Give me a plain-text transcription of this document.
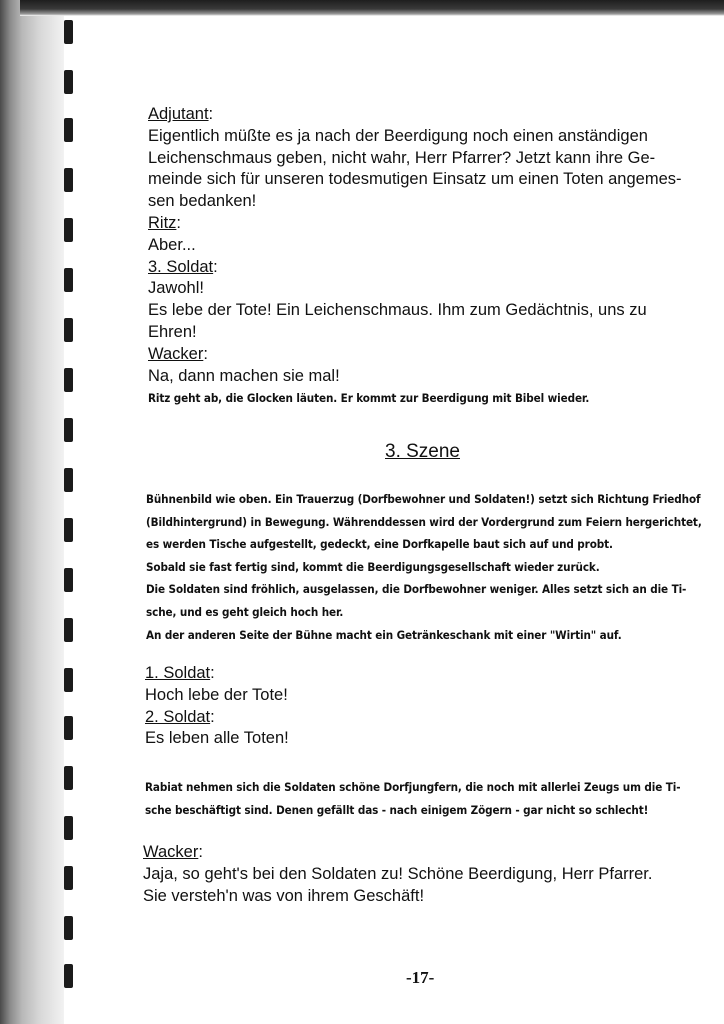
Adjutant:
Eigentlich müßte es ja nach der Beerdigung noch einen anständigen
Leichenschmaus geben, nicht wahr, Herr Pfarrer? Jetzt kann ihre Ge-
meinde sich für unseren todesmutigen Einsatz um einen Toten angemes-
sen bedanken!
Ritz:
Aber...
3. Soldat:
Jawohl!
Es lebe der Tote! Ein Leichenschmaus. Ihm zum Gedächtnis, uns zu
Ehren!
Wacker:
Na, dann machen sie mal!
Ritz geht ab, die Glocken läuten. Er kommt zur Beerdigung mit Bibel wieder.
3. Szene
Bühnenbild wie oben. Ein Trauerzug (Dorfbewohner und Soldaten!) setzt sich Richtung Friedhof
(Bildhintergrund) in Bewegung. Währenddessen wird der Vordergrund zum Feiern hergerichtet,
es werden Tische aufgestellt, gedeckt, eine Dorfkapelle baut sich auf und probt.
Sobald sie fast fertig sind, kommt die Beerdigungsgesellschaft wieder zurück.
Die Soldaten sind fröhlich, ausgelassen, die Dorfbewohner weniger. Alles setzt sich an die Ti-
sche, und es geht gleich hoch her.
An der anderen Seite der Bühne macht ein Getränkeschank mit einer "Wirtin" auf.
1. Soldat:
Hoch lebe der Tote!
2. Soldat:
Es leben alle Toten!
Rabiat nehmen sich die Soldaten schöne Dorfjungfern, die noch mit allerlei Zeugs um die Ti-
sche beschäftigt sind. Denen gefällt das - nach einigem Zögern - gar nicht so schlecht!
Wacker:
Jaja, so geht's bei den Soldaten zu! Schöne Beerdigung, Herr Pfarrer.
Sie versteh'n was von ihrem Geschäft!
-17-
